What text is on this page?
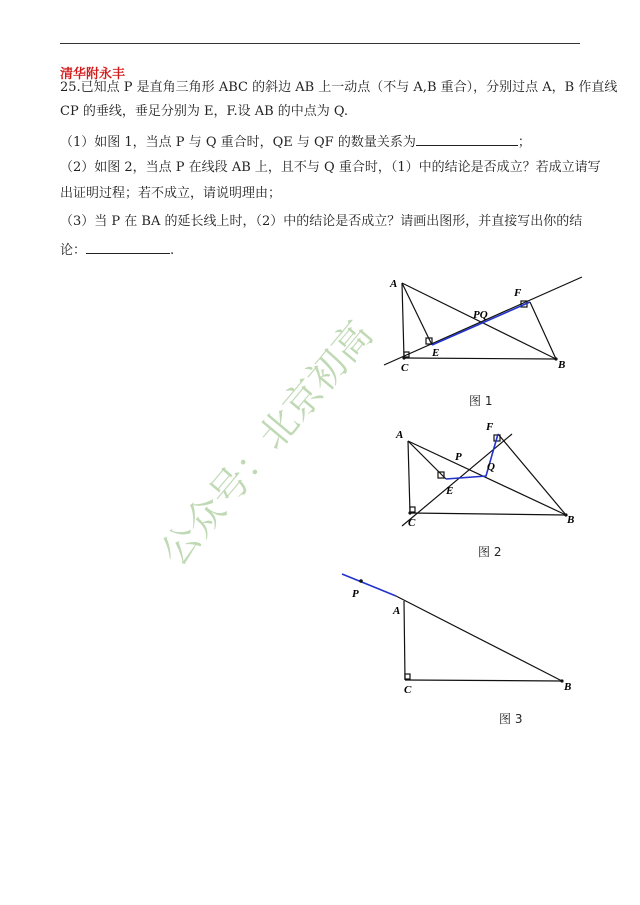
清华附永丰
25.已知点 P 是直角三角形 ABC 的斜边 AB 上一动点（不与 A,B 重合），分别过点 A，B 作直线
CP 的垂线，垂足分别为 E，F.设 AB 的中点为 Q.
（1）如图 1，当点 P 与 Q 重合时，QE 与 QF 的数量关系为	；
（2）如图 2，当点 P 在线段 AB 上，且不与 Q 重合时，（1）中的结论是否成立？若成立请写
出证明过程；若不成立，请说明理由；
（3）当 P 在 BA 的延长线上时，（2）中的结论是否成立？请画出图形，并直接写出你的结
论：	.
A
B
C
E
F
PQ
A
B
C
E
F
P
Q
P
A
B
C
图 1
图 2
图 3
公众号：北京初高
